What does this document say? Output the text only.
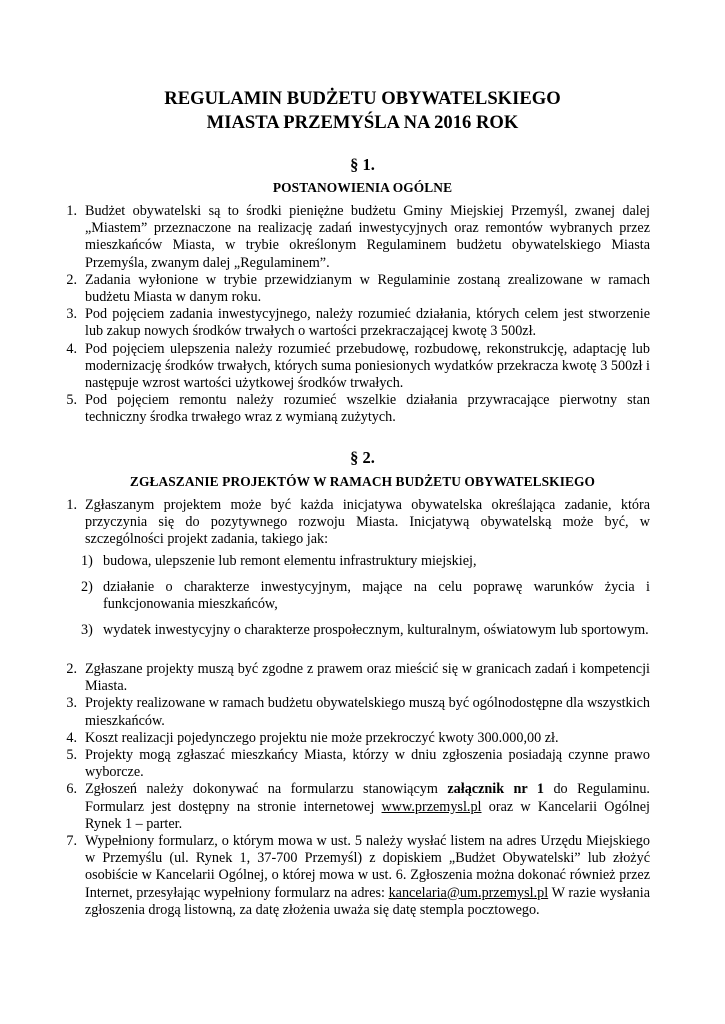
REGULAMIN BUDŻETU OBYWATELSKIEGO
MIASTA PRZEMYŚLA NA 2016 ROK
§ 1.
POSTANOWIENIA OGÓLNE
1. Budżet obywatelski są to środki pieniężne budżetu Gminy Miejskiej Przemyśl, zwanej dalej „Miastem” przeznaczone na realizację zadań inwestycyjnych oraz remontów wybranych przez mieszkańców Miasta, w trybie określonym Regulaminem budżetu obywatelskiego Miasta Przemyśla, zwanym dalej „Regulaminem”.
2. Zadania wyłonione w trybie przewidzianym w Regulaminie zostaną zrealizowane w ramach budżetu Miasta w danym roku.
3. Pod pojęciem zadania inwestycyjnego, należy rozumieć działania, których celem jest stworzenie lub zakup nowych środków trwałych o wartości przekraczającej kwotę 3 500zł.
4. Pod pojęciem ulepszenia należy rozumieć przebudowę, rozbudowę, rekonstrukcję, adaptację lub modernizację środków trwałych, których suma poniesionych wydatków przekracza kwotę 3 500zł i następuje wzrost wartości użytkowej środków trwałych.
5. Pod pojęciem remontu należy rozumieć wszelkie działania przywracające pierwotny stan techniczny środka trwałego wraz z wymianą zużytych.
§ 2.
ZGŁASZANIE PROJEKTÓW W RAMACH BUDŻETU OBYWATELSKIEGO
1. Zgłaszanym projektem może być każda inicjatywa obywatelska określająca zadanie, która przyczynia się do pozytywnego rozwoju Miasta. Inicjatywą obywatelską może być, w szczególności projekt zadania, takiego jak:
1) budowa, ulepszenie lub remont elementu infrastruktury miejskiej,
2) działanie o charakterze inwestycyjnym, mające na celu poprawę warunków życia i funkcjonowania mieszkańców,
3) wydatek inwestycyjny o charakterze prospołecznym, kulturalnym, oświatowym lub sportowym.
2. Zgłaszane projekty muszą być zgodne z prawem oraz mieścić się w granicach zadań i kompetencji Miasta.
3. Projekty realizowane w ramach budżetu obywatelskiego muszą być ogólnodostępne dla wszystkich mieszkańców.
4. Koszt realizacji pojedynczego projektu nie może przekroczyć kwoty 300.000,00 zł.
5. Projekty mogą zgłaszać mieszkańcy Miasta, którzy w dniu zgłoszenia posiadają czynne prawo wyborcze.
6. Zgłoszeń należy dokonywać na formularzu stanowiącym załącznik nr 1 do Regulaminu. Formularz jest dostępny na stronie internetowej www.przemysl.pl oraz w Kancelarii Ogólnej Rynek 1 – parter.
7. Wypełniony formularz, o którym mowa w ust. 5 należy wysłać listem na adres Urzędu Miejskiego w Przemyślu (ul. Rynek 1, 37-700 Przemyśl) z dopiskiem „Budżet Obywatelski” lub złożyć osobiście w Kancelarii Ogólnej, o której mowa w ust. 6. Zgłoszenia można dokonać również przez Internet, przesyłając wypełniony formularz na adres: kancelaria@um.przemysl.pl W razie wysłania zgłoszenia drogą listowną, za datę złożenia uważa się datę stempla pocztowego.
